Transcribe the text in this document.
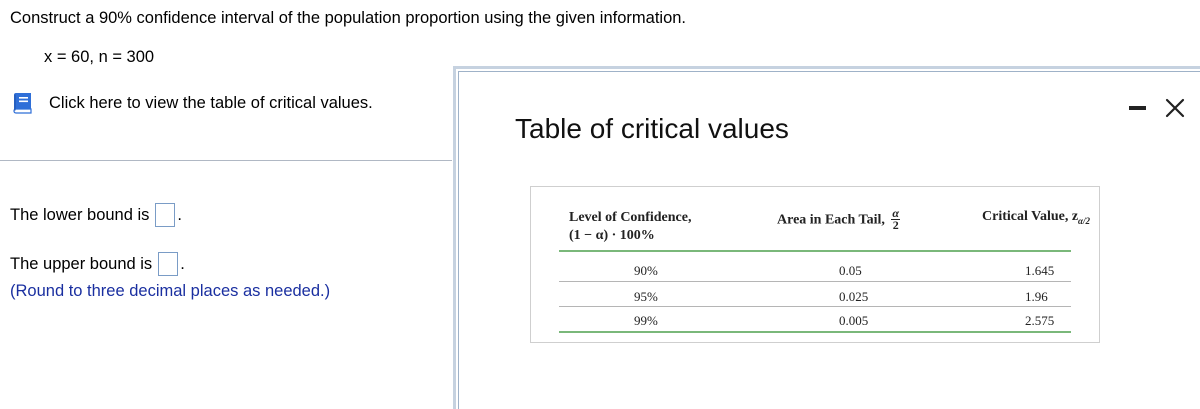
Construct a 90% confidence interval of the population proportion using the given information.
x = 60, n = 300
Click here to view the table of critical values.
The lower bound is .
The upper bound is .
(Round to three decimal places as needed.)
Table of critical values
Level of Confidence,
(1 − α) · 100%
Area in Each Tail, $\frac{\alpha}{2}$	Critical Value, $z_{\alpha/2}$
90%	0.05	1.645
95%	0.025	1.96
99%	0.005	2.575
